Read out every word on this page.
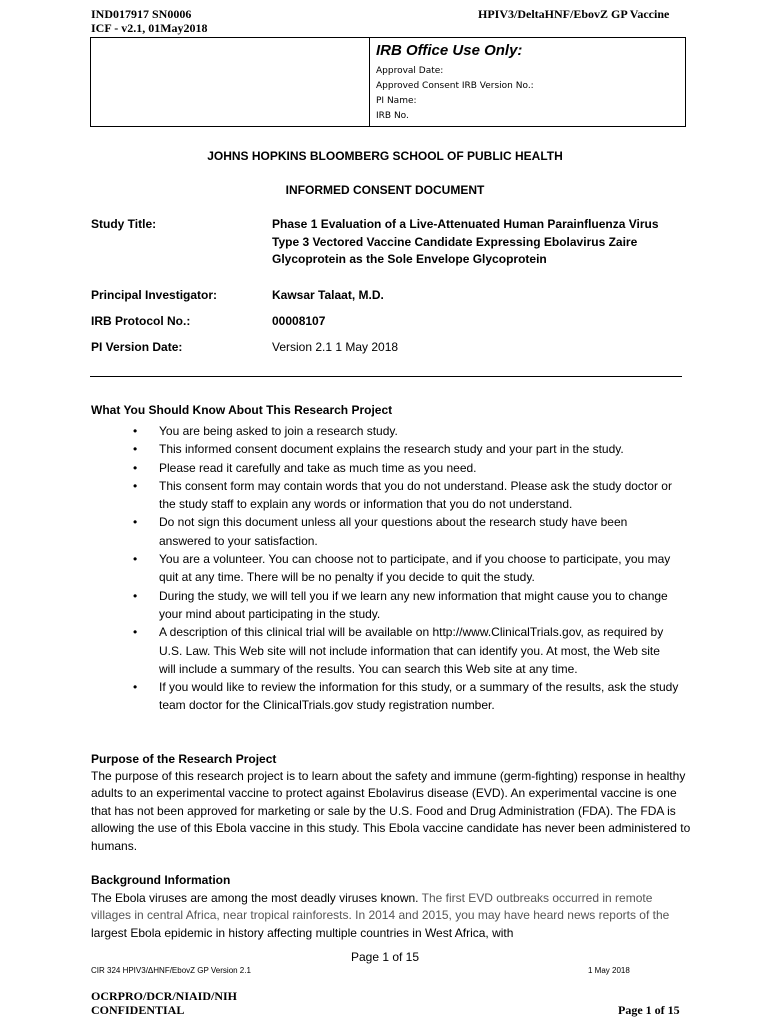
IND017917 SN0006
ICF - v2.1, 01May2018
HPIV3/DeltaHNF/EbovZ GP Vaccine
IRB Office Use Only:
Approval Date:
Approved Consent IRB Version No.:
PI Name:
IRB No.
JOHNS HOPKINS BLOOMBERG SCHOOL OF PUBLIC HEALTH
INFORMED CONSENT DOCUMENT
Study Title:	Phase 1 Evaluation of a Live-Attenuated Human Parainfluenza Virus
Type 3 Vectored Vaccine Candidate Expressing Ebolavirus Zaire
Glycoprotein as the Sole Envelope Glycoprotein
Principal Investigator:	Kawsar Talaat, M.D.
IRB Protocol No.:	00008107
PI Version Date:	Version 2.1 1 May 2018
What You Should Know About This Research Project
• You are being asked to join a research study.
• This informed consent document explains the research study and your part in the study.
• Please read it carefully and take as much time as you need.
• This consent form may contain words that you do not understand. Please ask the study doctor or the study staff to explain any words or information that you do not understand.
• Do not sign this document unless all your questions about the research study have been answered to your satisfaction.
• You are a volunteer. You can choose not to participate, and if you choose to participate, you may quit at any time. There will be no penalty if you decide to quit the study.
• During the study, we will tell you if we learn any new information that might cause you to change your mind about participating in the study.
• A description of this clinical trial will be available on http://www.ClinicalTrials.gov, as required by U.S. Law. This Web site will not include information that can identify you. At most, the Web site will include a summary of the results. You can search this Web site at any time.
• If you would like to review the information for this study, or a summary of the results, ask the study team doctor for the ClinicalTrials.gov study registration number.
Purpose of the Research Project
The purpose of this research project is to learn about the safety and immune (germ-fighting) response in healthy adults to an experimental vaccine to protect against Ebolavirus disease (EVD). An experimental vaccine is one that has not been approved for marketing or sale by the U.S. Food and Drug Administration (FDA). The FDA is allowing the use of this Ebola vaccine in this study. This Ebola vaccine candidate has never been administered to humans.
Background Information
The Ebola viruses are among the most deadly viruses known. The first EVD outbreaks occurred in remote villages in central Africa, near tropical rainforests. In 2014 and 2015, you may have heard news reports of the largest Ebola epidemic in history affecting multiple countries in West Africa, with
Page 1 of 15
CIR 324 HPIV3/ΔHNF/EbovZ GP Version 2.1	1 May 2018
OCRPRO/DCR/NIAID/NIH
CONFIDENTIAL	Page 1 of 15
